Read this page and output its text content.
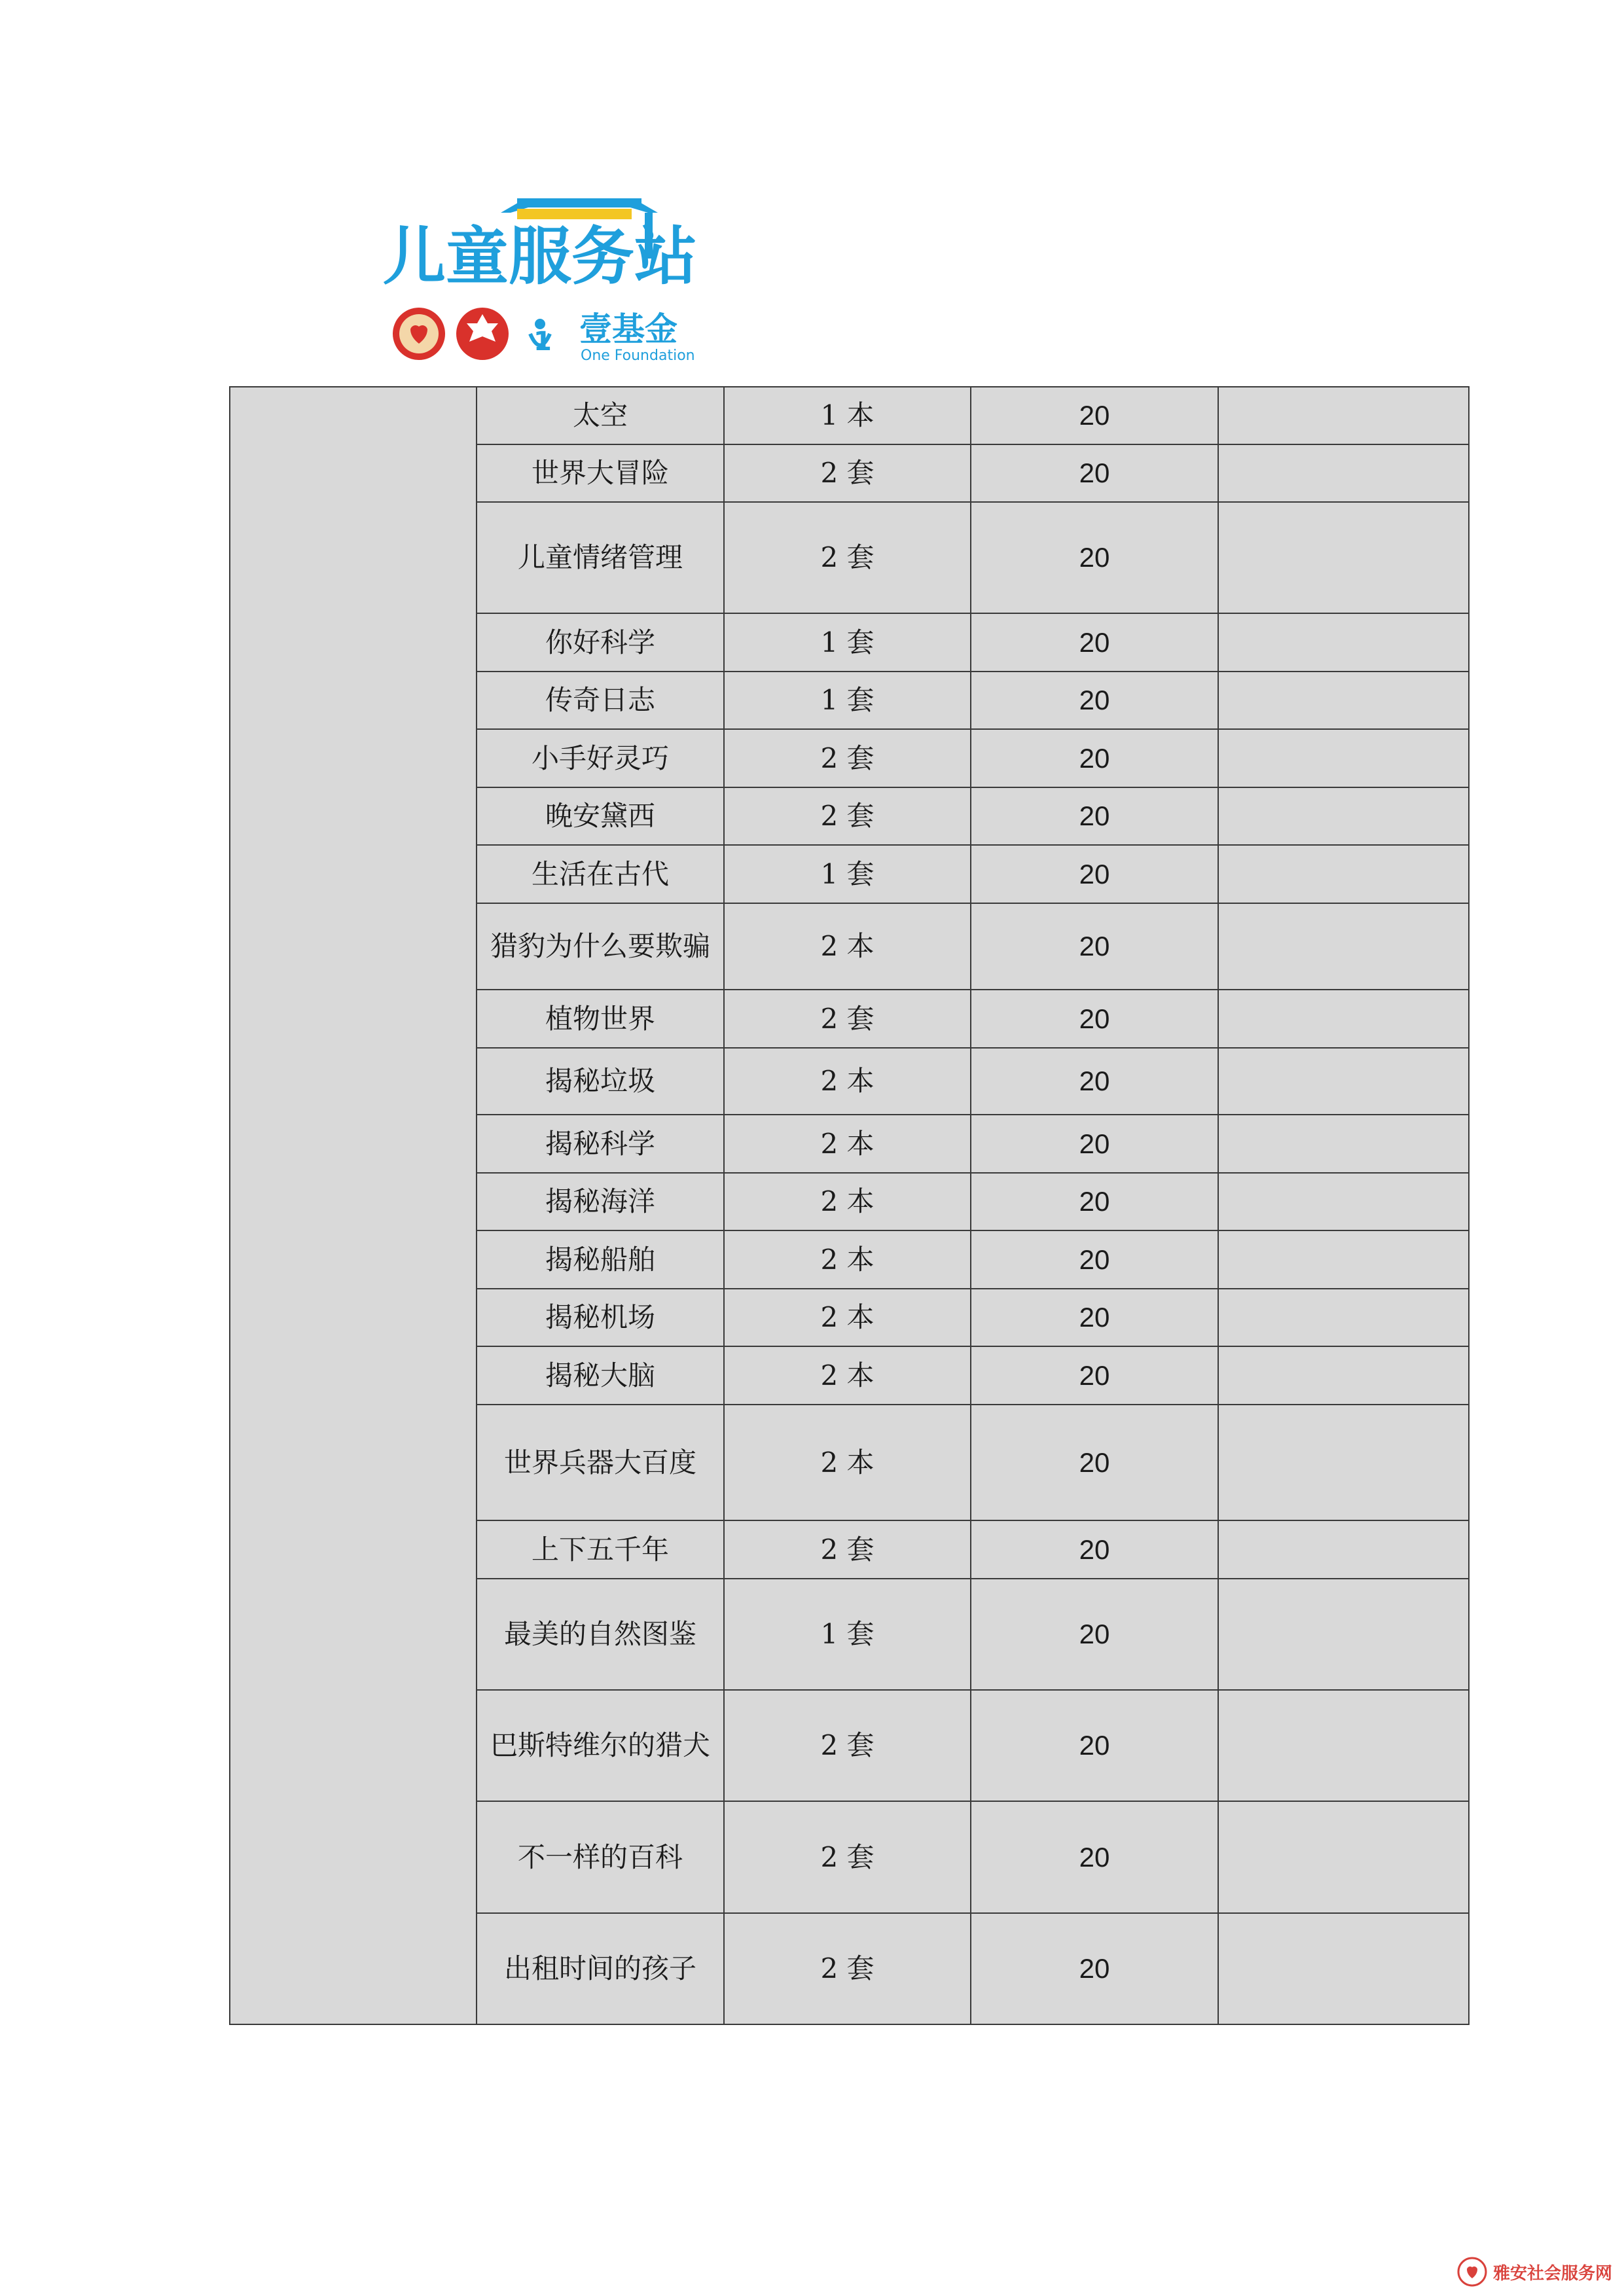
儿童服务站
1 壹基金
One Foundation
	太空	1 本	20	
	世界大冒险	2 套	20	
	儿童情绪管理	2 套	20	
	你好科学	1 套	20	
	传奇日志	1 套	20	
	小手好灵巧	2 套	20	
	晚安黛西	2 套	20	
	生活在古代	1 套	20	
	猎豹为什么要欺骗	2 本	20	
	植物世界	2 套	20	
	揭秘垃圾	2 本	20	
	揭秘科学	2 本	20	
	揭秘海洋	2 本	20	
	揭秘船舶	2 本	20	
	揭秘机场	2 本	20	
	揭秘大脑	2 本	20	
	世界兵器大百度	2 本	20	
	上下五千年	2 套	20	
	最美的自然图鉴	1 套	20	
	巴斯特维尔的猎犬	2 套	20	
	不一样的百科	2 套	20	
	出租时间的孩子	2 套	20	
雅安社会服务网
